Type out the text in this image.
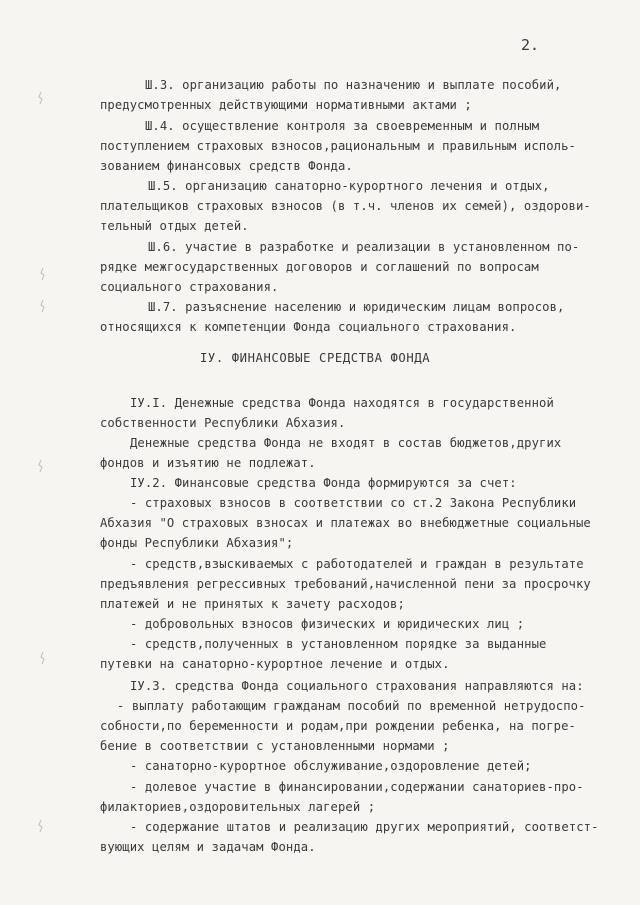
2.
Ш.3. организацию работы по назначению и выплате пособий,
предусмотренных действующими нормативными актами ;
Ш.4. осуществление контроля за своевременным и полным
поступлением страховых взносов,рациональным и правильным исполь-
зованием финансовых средств Фонда.
Ш.5. организацию санаторно-курортного лечения и отдых,
плательщиков страховых взносов (в т.ч. членов их семей), оздорови-
тельный отдых детей.
Ш.6. участие в разработке и реализации в установленном по-
рядке межгосударственных договоров и соглашений по вопросам
социального страхования.
Ш.7. разъяснение населению и юридическим лицам вопросов,
относящихся к компетенции Фонда социального страхования.
IУ. ФИНАНСОВЫЕ СРЕДСТВА ФОНДА
IУ.I. Денежные средства Фонда находятся в государственной
собственности Республики Абхазия.
Денежные средства Фонда не входят в состав бюджетов,других
фондов и изъятию не подлежат.
IУ.2. Финансовые средства Фонда формируются за счет:
- страховых взносов в соответствии со ст.2 Закона Республики
Абхазия "О страховых взносах и платежах во внебюджетные социальные
фонды Республики Абхазия";
- средств,взыскиваемых с работодателей и граждан в результате
предъявления регрессивных требований,начисленной пени за просрочку
платежей и не принятых к зачету расходов;
- добровольных взносов физических и юридических лиц ;
- средств,полученных в установленном порядке за выданные
путевки на санаторно-курортное лечение и отдых.
IУ.3. средства Фонда социального страхования направляются на:
- выплату работающим гражданам пособий по временной нетрудоспо-
собности,по беременности и родам,при рождении ребенка, на погре-
бение в соответствии с установленными нормами ;
- санаторно-курортное обслуживание,оздоровление детей;
- долевое участие в финансировании,содержании санаториев-про-
филакториев,оздоровительных лагерей ;
- содержание штатов и реализацию других мероприятий, соответст-
вующих целям и задачам Фонда.
